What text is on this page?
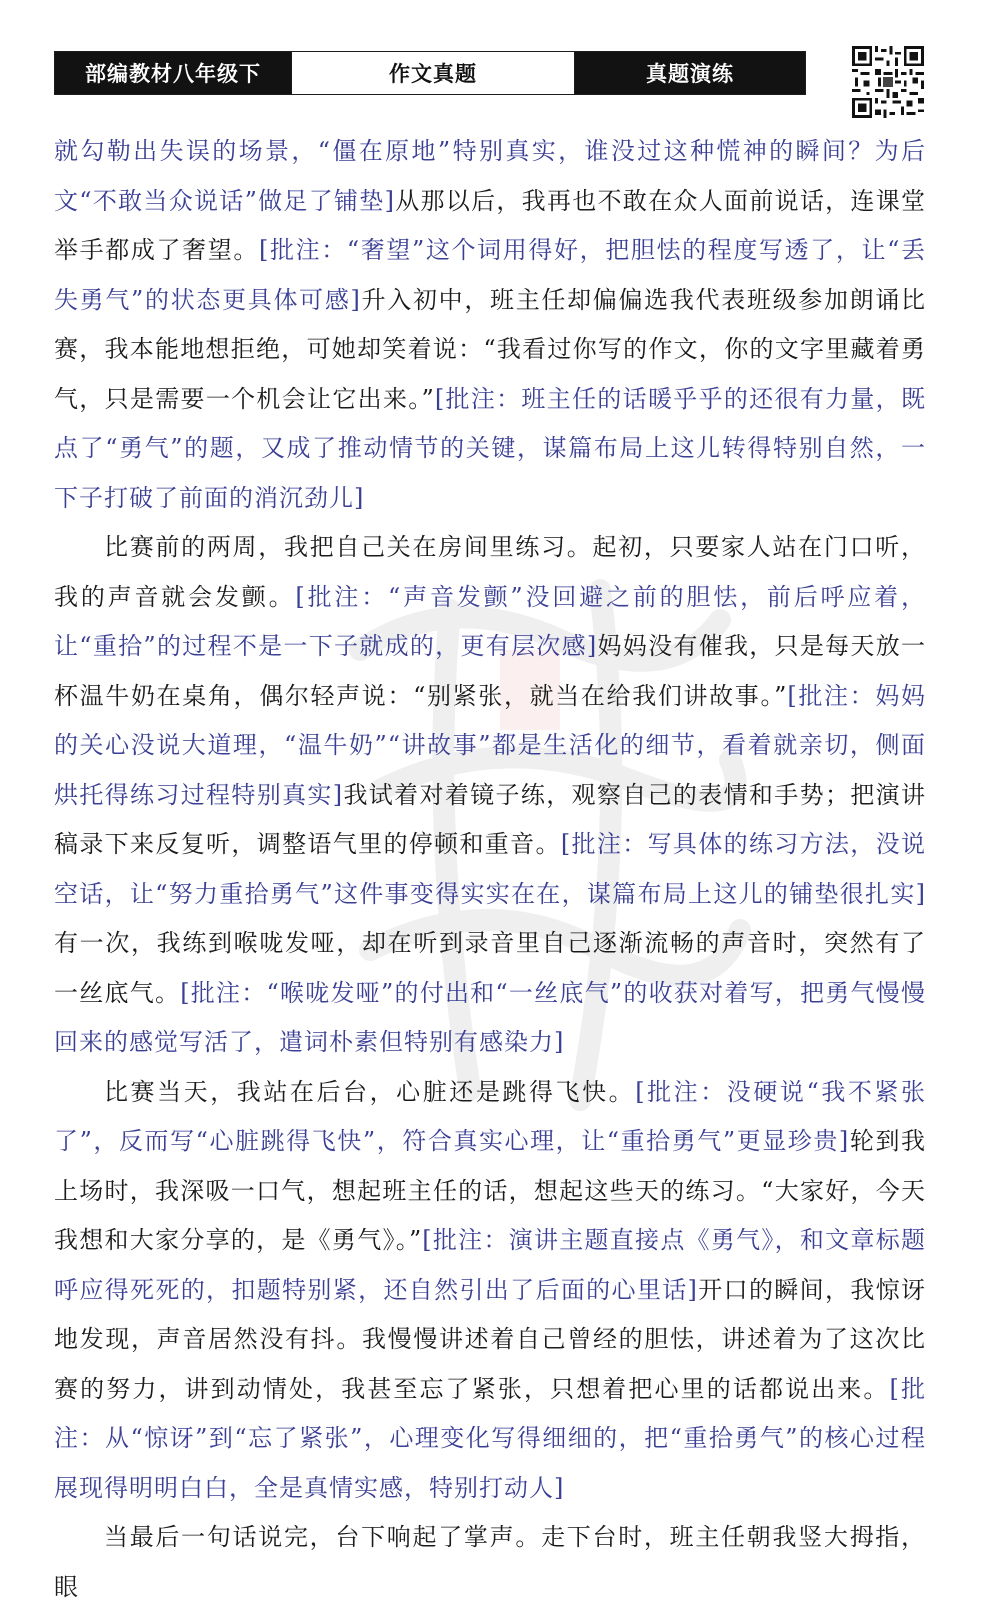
部编教材八年级下	作文真题	真题演练

就勾勒出失误的场景，“僵在原地”特别真实，谁没过这种慌神的瞬间？为后文“不敢当众说话”做足了铺垫]从那以后，我再也不敢在众人面前说话，连课堂举手都成了奢望。[批注：“奢望”这个词用得好，把胆怯的程度写透了，让“丢失勇气”的状态更具体可感]升入初中，班主任却偏偏选我代表班级参加朗诵比赛，我本能地想拒绝，可她却笑着说：“我看过你写的作文，你的文字里藏着勇气，只是需要一个机会让它出来。”[批注：班主任的话暖乎乎的还很有力量，既点了“勇气”的题，又成了推动情节的关键，谋篇布局上这儿转得特别自然，一下子打破了前面的消沉劲儿]

比赛前的两周，我把自己关在房间里练习。起初，只要家人站在门口听，我的声音就会发颤。[批注：“声音发颤”没回避之前的胆怯，前后呼应着，让“重拾”的过程不是一下子就成的，更有层次感]妈妈没有催我，只是每天放一杯温牛奶在桌角，偶尔轻声说：“别紧张，就当在给我们讲故事。”[批注：妈妈的关心没说大道理，“温牛奶”“讲故事”都是生活化的细节，看着就亲切，侧面烘托得练习过程特别真实]我试着对着镜子练，观察自己的表情和手势；把演讲稿录下来反复听，调整语气里的停顿和重音。[批注：写具体的练习方法，没说空话，让“努力重拾勇气”这件事变得实实在在，谋篇布局上这儿的铺垫很扎实]有一次，我练到喉咙发哑，却在听到录音里自己逐渐流畅的声音时，突然有了一丝底气。[批注：“喉咙发哑”的付出和“一丝底气”的收获对着写，把勇气慢慢回来的感觉写活了，遣词朴素但特别有感染力]

比赛当天，我站在后台，心脏还是跳得飞快。[批注：没硬说“我不紧张了”，反而写“心脏跳得飞快”，符合真实心理，让“重拾勇气”更显珍贵]轮到我上场时，我深吸一口气，想起班主任的话，想起这些天的练习。“大家好，今天我想和大家分享的，是《勇气》。”[批注：演讲主题直接点《勇气》，和文章标题呼应得死死的，扣题特别紧，还自然引出了后面的心里话]开口的瞬间，我惊讶地发现，声音居然没有抖。我慢慢讲述着自己曾经的胆怯，讲述着为了这次比赛的努力，讲到动情处，我甚至忘了紧张，只想着把心里的话都说出来。[批注：从“惊讶”到“忘了紧张”，心理变化写得细细的，把“重拾勇气”的核心过程展现得明明白白，全是真情实感，特别打动人]

当最后一句话说完，台下响起了掌声。走下台时，班主任朝我竖大拇指，眼
